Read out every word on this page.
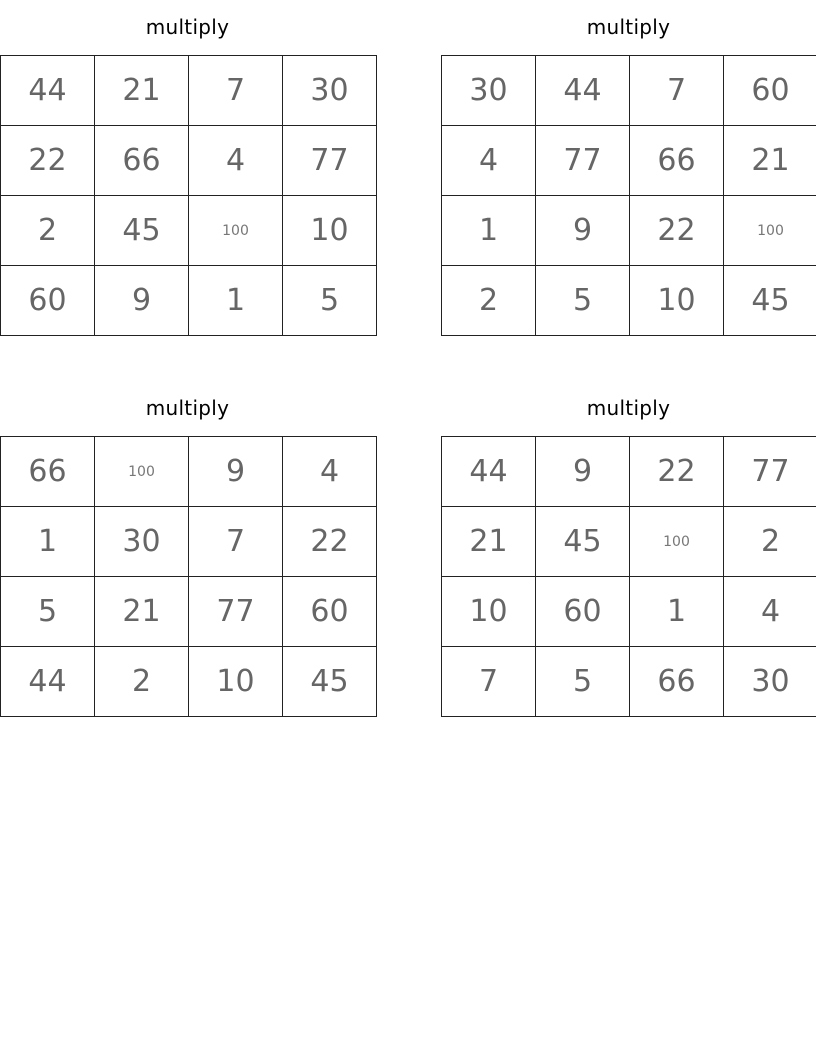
multiply
44	21	7	30
22	66	4	77
2	45	100	10
60	9	1	5
multiply
30	44	7	60
4	77	66	21
1	9	22	100
2	5	10	45
multiply
66	100	9	4
1	30	7	22
5	21	77	60
44	2	10	45
multiply
44	9	22	77
21	45	100	2
10	60	1	4
7	5	66	30
